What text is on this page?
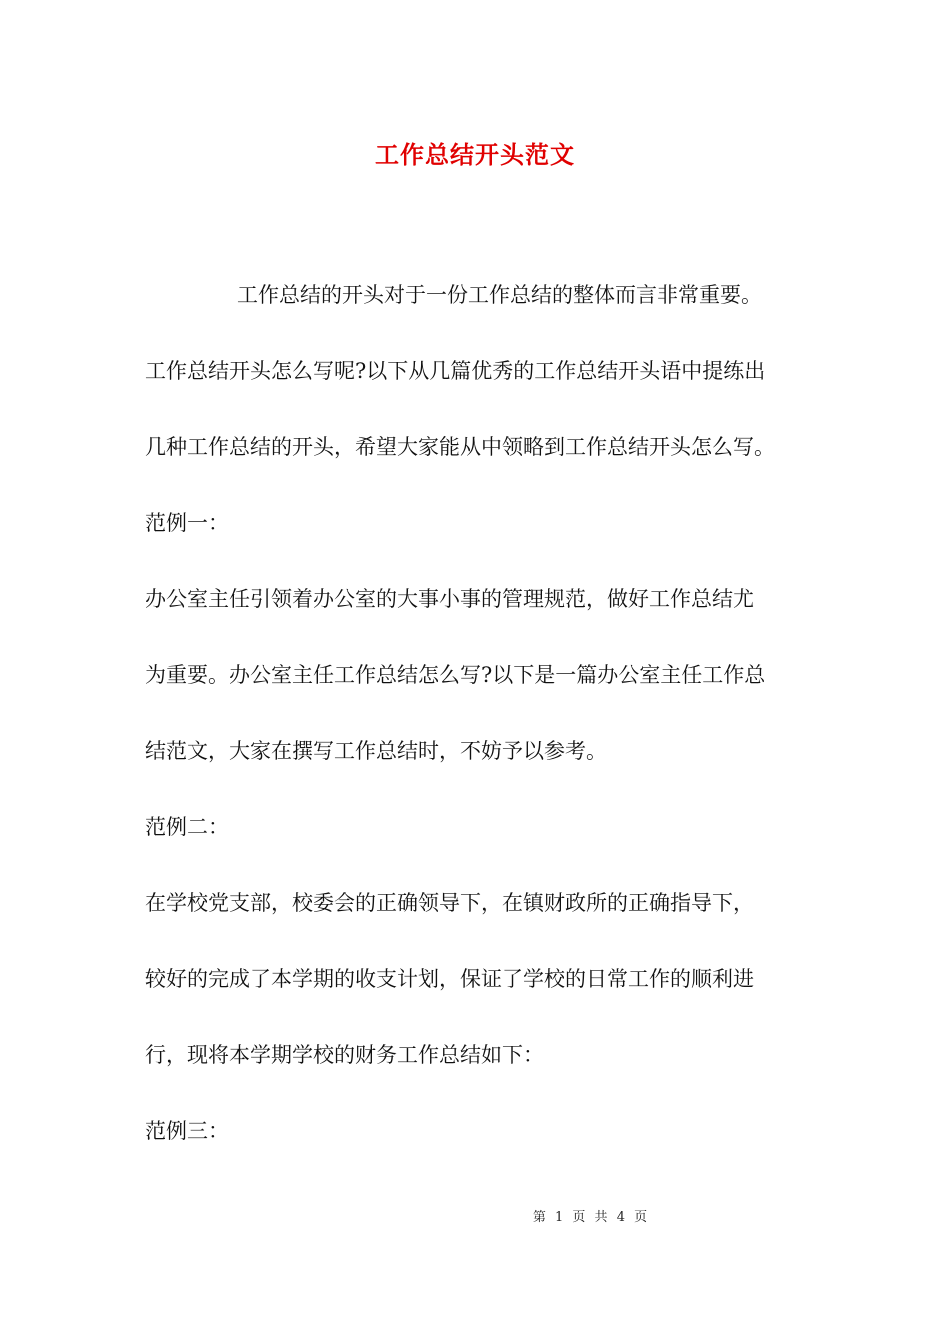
工作总结开头范文
工作总结的开头对于一份工作总结的整体而言非常重要。
工作总结开头怎么写呢?以下从几篇优秀的工作总结开头语中提练出
几种工作总结的开头，希望大家能从中领略到工作总结开头怎么写。
范例一：
办公室主任引领着办公室的大事小事的管理规范，做好工作总结尤
为重要。办公室主任工作总结怎么写?以下是一篇办公室主任工作总
结范文，大家在撰写工作总结时，不妨予以参考。
范例二：
在学校党支部，校委会的正确领导下，在镇财政所的正确指导下，
较好的完成了本学期的收支计划，保证了学校的日常工作的顺利进
行，现将本学期学校的财务工作总结如下：
范例三：
第 1 页 共 4 页
